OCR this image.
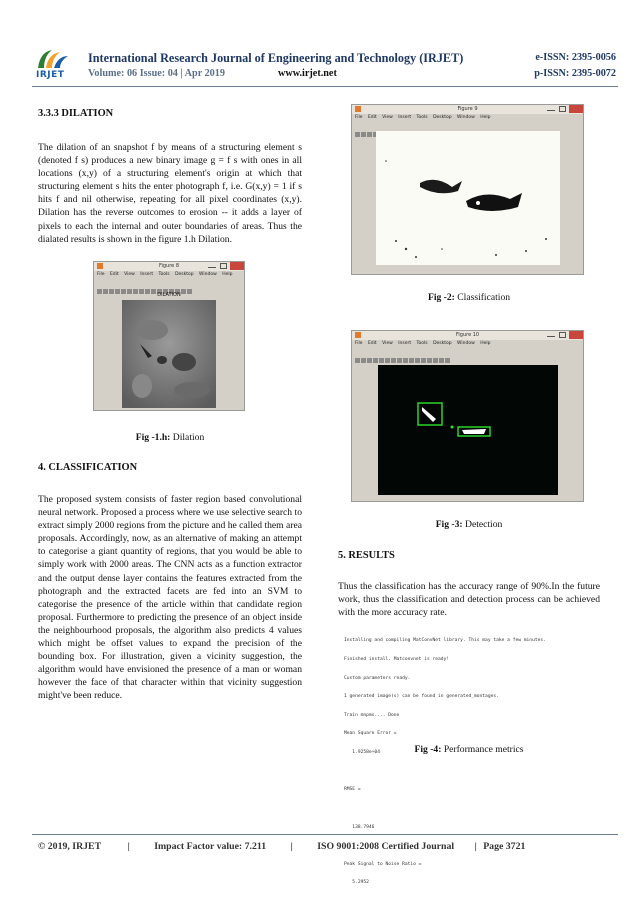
IRJET
International Research Journal of Engineering and Technology (IRJET)	e-ISSN: 2395-0056
Volume: 06 Issue: 04 | Apr 2019	www.irjet.net	p-ISSN: 2395-0072
3.3.3 DILATION
The dilation of an snapshot f by means of a structuring element s (denoted f s) produces a new binary image g = f s with ones in all locations (x,y) of a structuring element's origin at which that structuring element s hits the enter photograph f, i.e. G(x,y) = 1 if s hits f and nil otherwise, repeating for all pixel coordinates (x,y). Dilation has the reverse outcomes to erosion -- it adds a layer of pixels to each the internal and outer boundaries of areas. Thus the dialated results is shown in the figure 1.h Dilation.
Figure 8
File Edit View Insert Tools Desktop Window Help
DILATION
Fig -1.h: Dilation
4. CLASSIFICATION
The proposed system consists of faster region based convolutional neural network. Proposed a process where we use selective search to extract simply 2000 regions from the picture and he called them area proposals. Accordingly, now, as an alternative of making an attempt to categorise a giant quantity of regions, that you would be able to simply work with 2000 areas. The CNN acts as a function extractor and the output dense layer contains the features extracted from the photograph and the extracted facets are fed into an SVM to categorise the presence of the article within that candidate region proposal. Furthermore to predicting the presence of an object inside the neighbourhood proposals, the algorithm also predicts 4 values which might be offset values to expand the precision of the bounding box. For illustration, given a vicinity suggestion, the algorithm would have envisioned the presence of a man or woman however the face of that character within that vicinity suggestion might've been reduce.
Figure 9
File Edit View Insert Tools Desktop Window Help
Fig -2: Classification
Figure 10
File Edit View Insert Tools Desktop Window Help
Fig -3: Detection
5. RESULTS
Thus the classification has the accuracy range of 90%.In the future work, thus the classification and detection process can be achieved with the more accuracy rate.

Installing and compiling MatConvNet library. This may take a few minutes.

Finished install. Matconvnet is ready!

Custom parameters ready.

1 generated image(s) can be found in generated_montages.

Train mnpms.... Done

Mean Square Error =

1.9258e+04

RMSE =

138.7946

Peak Signal to Noise Ratio =

5.2952

Fig -4: Performance metrics
© 2019, IRJET	| Impact Factor value: 7.211 | ISO 9001:2008 Certified Journal | Page 3721
